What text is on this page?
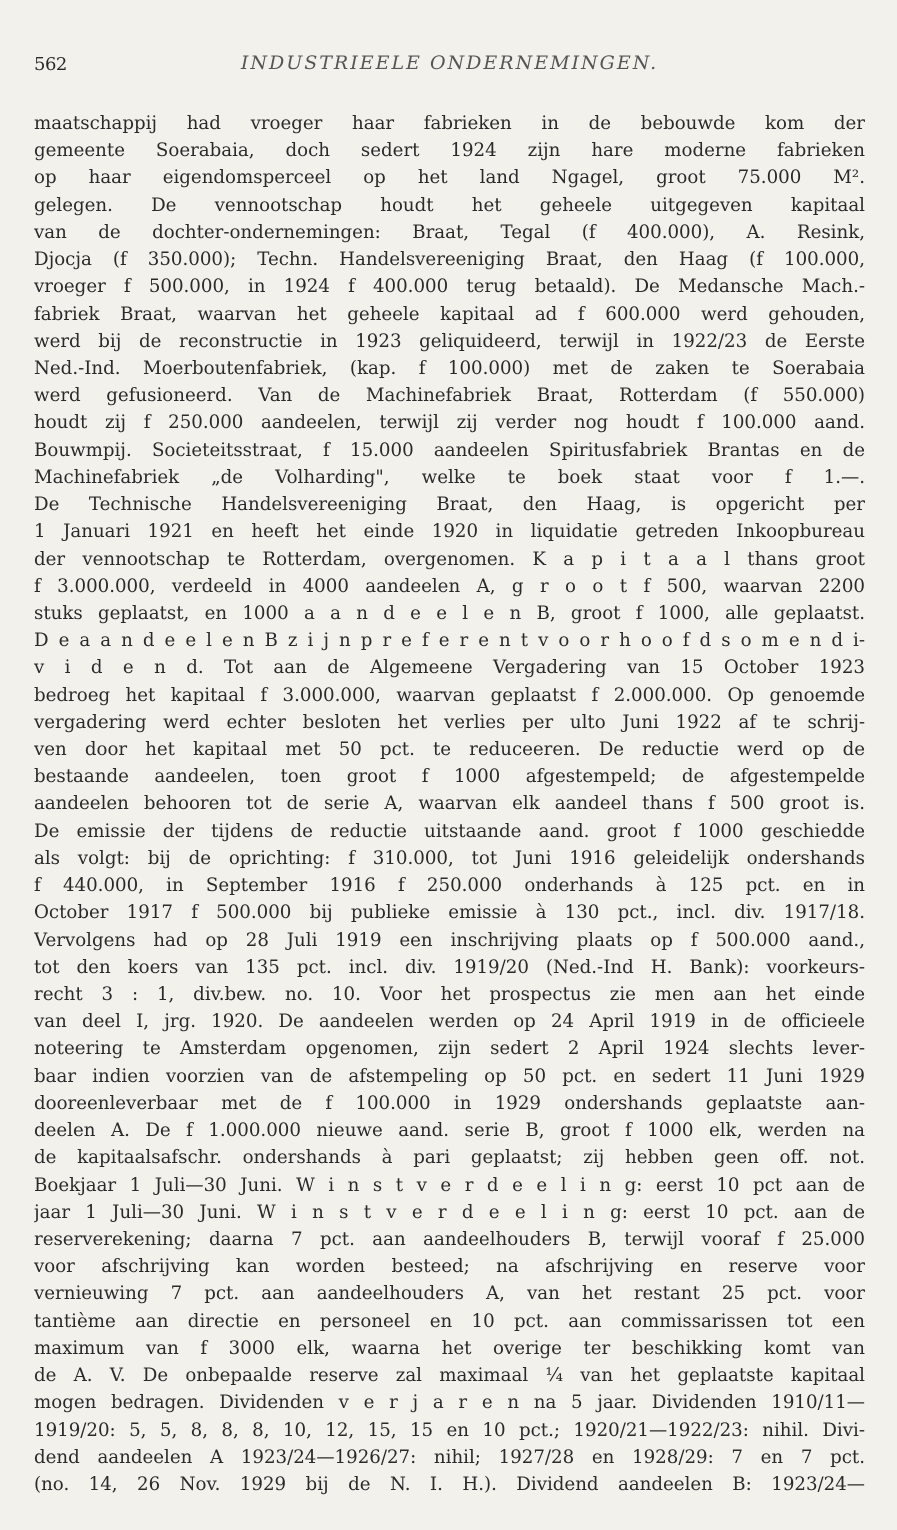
562	INDUSTRIEELE ONDERNEMINGEN.
maatschappij had vroeger haar fabrieken in de bebouwde kom der
gemeente Soerabaia, doch sedert 1924 zijn hare moderne fabrieken
op haar eigendomsperceel op het land Ngagel, groot 75.000 M².
gelegen. De vennootschap houdt het geheele uitgegeven kapitaal
van de dochter-ondernemingen: Braat, Tegal (f 400.000), A. Resink,
Djocja (f 350.000); Techn. Handelsvereeniging Braat, den Haag (f 100.000,
vroeger f 500.000, in 1924 f 400.000 terug betaald). De Medansche Mach.-
fabriek Braat, waarvan het geheele kapitaal ad f 600.000 werd gehouden,
werd bij de reconstructie in 1923 geliquideerd, terwijl in 1922/23 de Eerste
Ned.-Ind. Moerboutenfabriek, (kap. f 100.000) met de zaken te Soerabaia
werd gefusioneerd. Van de Machinefabriek Braat, Rotterdam (f 550.000)
houdt zij f 250.000 aandeelen, terwijl zij verder nog houdt f 100.000 aand.
Bouwmpij. Societeitsstraat, f 15.000 aandeelen Spiritusfabriek Brantas en de
Machinefabriek „de Volharding", welke te boek staat voor f 1.—.
De Technische Handelsvereeniging Braat, den Haag, is opgericht per
1 Januari 1921 en heeft het einde 1920 in liquidatie getreden Inkoopbureau
der vennootschap te Rotterdam, overgenomen. K a p i t a a l thans groot
f 3.000.000, verdeeld in 4000 aandeelen A, g r o o t f 500, waarvan 2200
stuks geplaatst, en 1000 a a n d e e l e n B, groot f 1000, alle geplaatst.
D e a a n d e e l e n B z i j n p r e f e r e n t v o o r h o o f d s o m e n d i-
v i d e n d. Tot aan de Algemeene Vergadering van 15 October 1923
bedroeg het kapitaal f 3.000.000, waarvan geplaatst f 2.000.000. Op genoemde
vergadering werd echter besloten het verlies per ulto Juni 1922 af te schrij-
ven door het kapitaal met 50 pct. te reduceeren. De reductie werd op de
bestaande aandeelen, toen groot f 1000 afgestempeld; de afgestempelde
aandeelen behooren tot de serie A, waarvan elk aandeel thans f 500 groot is.
De emissie der tijdens de reductie uitstaande aand. groot f 1000 geschiedde
als volgt: bij de oprichting: f 310.000, tot Juni 1916 geleidelijk ondershands
f 440.000, in September 1916 f 250.000 onderhands à 125 pct. en in
October 1917 f 500.000 bij publieke emissie à 130 pct., incl. div. 1917/18.
Vervolgens had op 28 Juli 1919 een inschrijving plaats op f 500.000 aand.,
tot den koers van 135 pct. incl. div. 1919/20 (Ned.-Ind H. Bank): voorkeurs-
recht 3 : 1, div.bew. no. 10. Voor het prospectus zie men aan het einde
van deel I, jrg. 1920. De aandeelen werden op 24 April 1919 in de officieele
noteering te Amsterdam opgenomen, zijn sedert 2 April 1924 slechts lever-
baar indien voorzien van de afstempeling op 50 pct. en sedert 11 Juni 1929
dooreenleverbaar met de f 100.000 in 1929 ondershands geplaatste aan-
deelen A. De f 1.000.000 nieuwe aand. serie B, groot f 1000 elk, werden na
de kapitaalsafschr. ondershands à pari geplaatst; zij hebben geen off. not.
Boekjaar 1 Juli—30 Juni. W i n s t v e r d e e l i n g: eerst 10 pct aan de
jaar 1 Juli—30 Juni. W i n s t v e r d e e l i n g: eerst 10 pct. aan de
reserverekening; daarna 7 pct. aan aandeelhouders B, terwijl vooraf f 25.000
voor afschrijving kan worden besteed; na afschrijving en reserve voor
vernieuwing 7 pct. aan aandeelhouders A, van het restant 25 pct. voor
tantième aan directie en personeel en 10 pct. aan commissarissen tot een
maximum van f 3000 elk, waarna het overige ter beschikking komt van
de A. V. De onbepaalde reserve zal maximaal ¼ van het geplaatste kapitaal
mogen bedragen. Dividenden v e r j a r e n na 5 jaar. Dividenden 1910/11—
1919/20: 5, 5, 8, 8, 8, 10, 12, 15, 15 en 10 pct.; 1920/21—1922/23: nihil. Divi-
dend aandeelen A 1923/24—1926/27: nihil; 1927/28 en 1928/29: 7 en 7 pct.
(no. 14, 26 Nov. 1929 bij de N. I. H.). Dividend aandeelen B: 1923/24—
